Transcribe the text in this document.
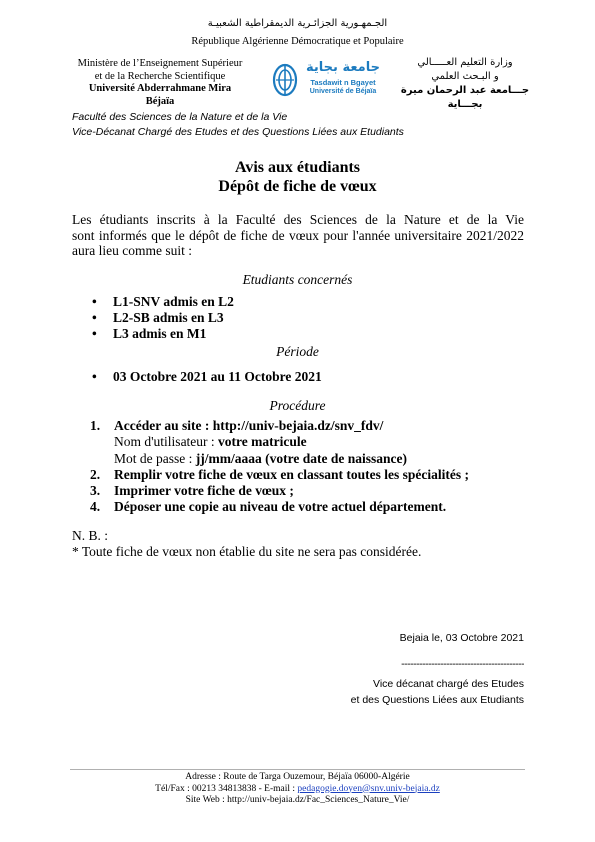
الجـمهـورية الجزائـرية الديمقراطية الشعبيـة
République Algérienne Démocratique et Populaire
Ministère de l’Enseignement Supérieur
et de la Recherche Scientifique
Université Abderrahmane Mira
Béjaïa
جامعة بجاية
Tasdawit n Bgayet
Université de Béjaïa
وزارة التعليم العـــــالي
و البـحث العلمي
جـــامعة عبد الرحمان ميرة
بجـــاية
Faculté des Sciences de la Nature et de la Vie
Vice-Décanat Chargé des Etudes et des Questions Liées aux Etudiants
Avis aux étudiants
Dépôt de fiche de vœux
Les étudiants inscrits à la Faculté des Sciences de la Nature et de la Vie
sont informés que le dépôt de fiche de vœux pour l'année universitaire 2021/2022
aura lieu comme suit :
Etudiants concernés
• L1-SNV admis en L2
• L2-SB admis en L3
• L3 admis en M1
Période
• 03 Octobre 2021 au 11 Octobre 2021
Procédure
1. Accéder au site : http://univ-bejaia.dz/snv_fdv/
Nom d'utilisateur : votre matricule
Mot de passe : jj/mm/aaaa (votre date de naissance)
2. Remplir votre fiche de vœux en classant toutes les spécialités ;
3. Imprimer votre fiche de vœux ;
4. Déposer une copie au niveau de votre actuel département.
N. B. :
* Toute fiche de vœux non établie du site ne sera pas considérée.
Bejaia le, 03 Octobre 2021
-----------------------------------------
Vice décanat chargé des Etudes
et des Questions Liées aux Etudiants
Adresse : Route de Targa Ouzemour, Béjaïa 06000-Algérie
Tél/Fax : 00213 34813838 - E-mail : pedagogie.doyen@snv.univ-bejaia.dz
Site Web : http://univ-bejaia.dz/Fac_Sciences_Nature_Vie/
